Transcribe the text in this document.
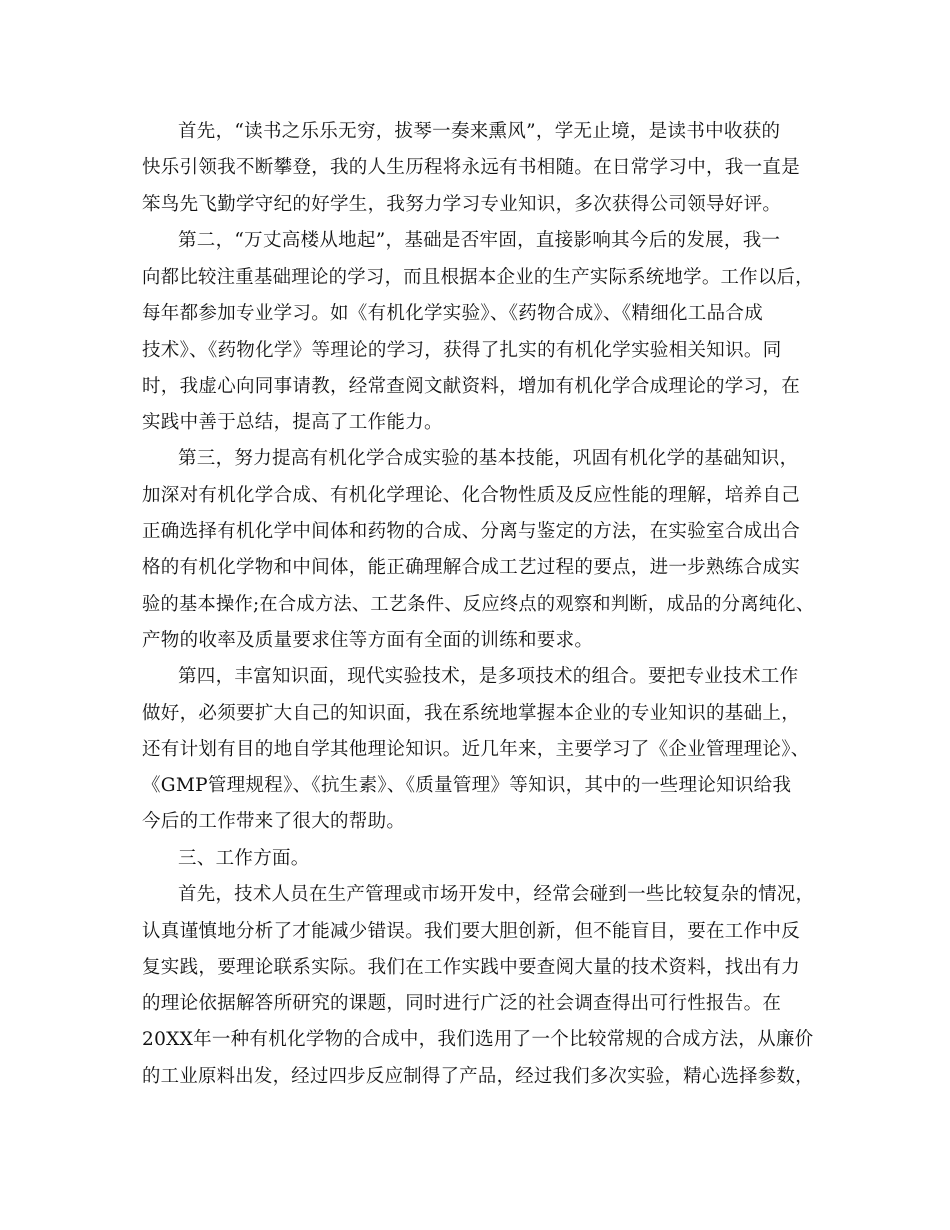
首先，“读书之乐乐无穷，拔琴一奏来熏风”，学无止境，是读书中收获的
快乐引领我不断攀登，我的人生历程将永远有书相随。在日常学习中，我一直是
笨鸟先飞勤学守纪的好学生，我努力学习专业知识，多次获得公司领导好评。
第二，“万丈高楼从地起”，基础是否牢固，直接影响其今后的发展，我一
向都比较注重基础理论的学习，而且根据本企业的生产实际系统地学。工作以后，
每年都参加专业学习。如《有机化学实验》、《药物合成》、《精细化工品合成
技术》、《药物化学》等理论的学习，获得了扎实的有机化学实验相关知识。同
时，我虚心向同事请教，经常查阅文献资料，增加有机化学合成理论的学习，在
实践中善于总结，提高了工作能力。
第三，努力提高有机化学合成实验的基本技能，巩固有机化学的基础知识，
加深对有机化学合成、有机化学理论、化合物性质及反应性能的理解，培养自己
正确选择有机化学中间体和药物的合成、分离与鉴定的方法，在实验室合成出合
格的有机化学物和中间体，能正确理解合成工艺过程的要点，进一步熟练合成实
验的基本操作;在合成方法、工艺条件、反应终点的观察和判断，成品的分离纯化、
产物的收率及质量要求住等方面有全面的训练和要求。
第四，丰富知识面，现代实验技术，是多项技术的组合。要把专业技术工作
做好，必须要扩大自己的知识面，我在系统地掌握本企业的专业知识的基础上，
还有计划有目的地自学其他理论知识。近几年来，主要学习了《企业管理理论》、
《GMP管理规程》、《抗生素》、《质量管理》等知识，其中的一些理论知识给我
今后的工作带来了很大的帮助。
三、工作方面。
首先，技术人员在生产管理或市场开发中，经常会碰到一些比较复杂的情况，
认真谨慎地分析了才能减少错误。我们要大胆创新，但不能盲目，要在工作中反
复实践，要理论联系实际。我们在工作实践中要查阅大量的技术资料，找出有力
的理论依据解答所研究的课题，同时进行广泛的社会调查得出可行性报告。在
20XX年一种有机化学物的合成中，我们选用了一个比较常规的合成方法，从廉价
的工业原料出发，经过四步反应制得了产品，经过我们多次实验，精心选择参数，
